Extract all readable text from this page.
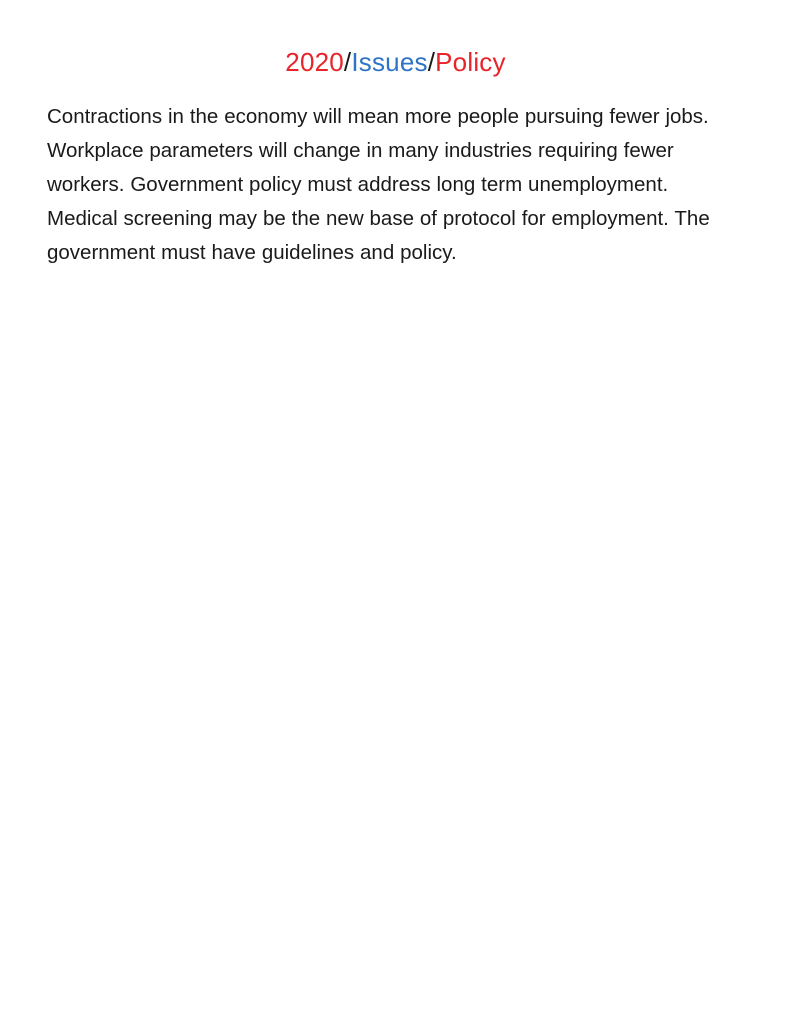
2020/Issues/Policy

Contractions in the economy will mean more people pursuing fewer jobs. Workplace parameters will change in many industries requiring fewer workers. Government policy must address long term unemployment. Medical screening may be the new base of protocol for employment. The government must have guidelines and policy.
